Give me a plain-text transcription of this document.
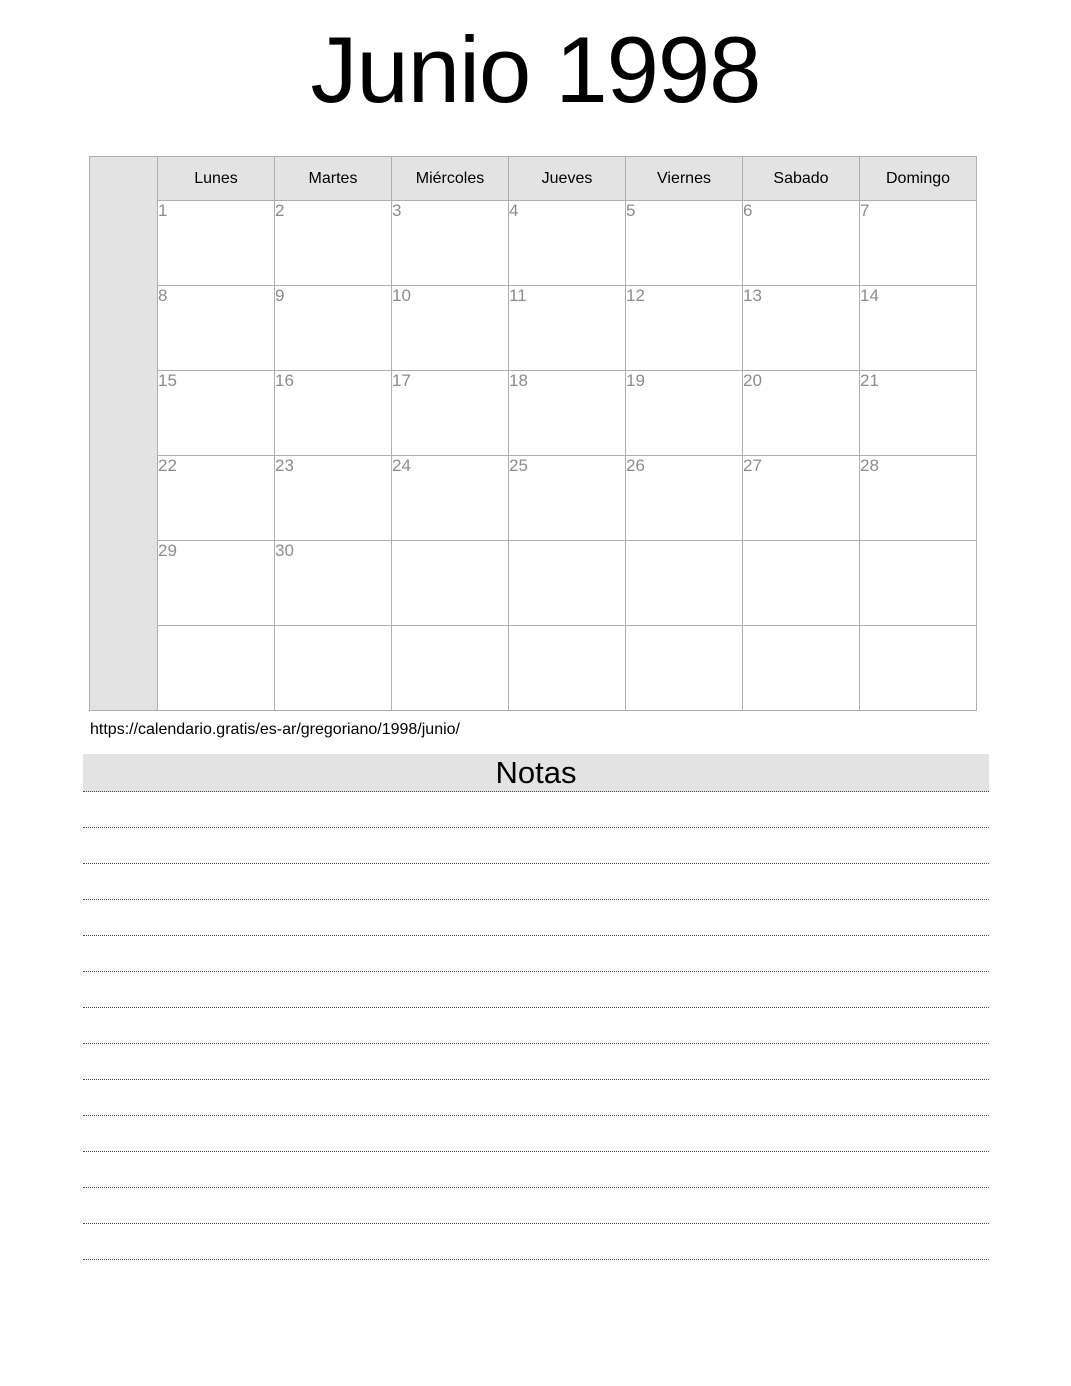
Junio 1998
	Lunes	Martes	Miércoles	Jueves	Viernes	Sabado	Domingo
	1	2	3	4	5	6	7
	8	9	10	11	12	13	14
	15	16	17	18	19	20	21
	22	23	24	25	26	27	28
	29	30					

https://calendario.gratis/es-ar/gregoriano/1998/junio/
Notas
